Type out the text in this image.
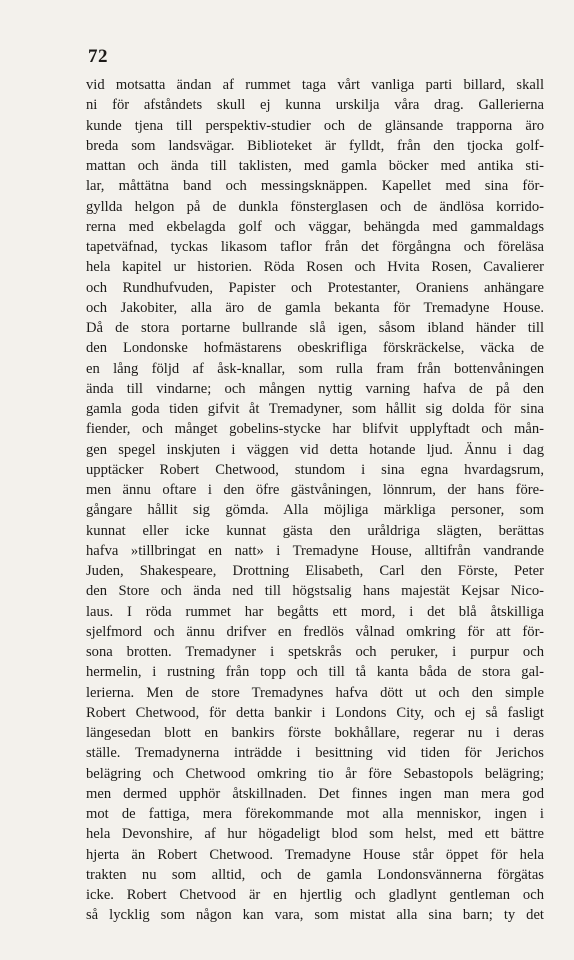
72
vid motsatta ändan af rummet taga vårt vanliga parti billard, skall
ni för afståndets skull ej kunna urskilja våra drag. Gallerierna
kunde tjena till perspektiv-studier och de glänsande trapporna äro
breda som landsvägar. Biblioteket är fylldt, från den tjocka golf-
mattan och ända till taklisten, med gamla böcker med antika sti-
lar, måttätna band och messingsknäppen. Kapellet med sina för-
gyllda helgon på de dunkla fönsterglasen och de ändlösa korrido-
rerna med ekbelagda golf och väggar, behängda med gammaldags
tapetväfnad, tyckas likasom taflor från det förgångna och föreläsa
hela kapitel ur historien. Röda Rosen och Hvita Rosen, Cavalierer
och Rundhufvuden, Papister och Protestanter, Oraniens anhängare
och Jakobiter, alla äro de gamla bekanta för Tremadyne House.
Då de stora portarne bullrande slå igen, såsom ibland händer till
den Londonske hofmästarens obeskrifliga förskräckelse, väcka de
en lång följd af åsk-knallar, som rulla fram från bottenvåningen
ända till vindarne; och mången nyttig varning hafva de på den
gamla goda tiden gifvit åt Tremadyner, som hållit sig dolda för sina
fiender, och månget gobelins-stycke har blifvit upplyftadt och mån-
gen spegel inskjuten i väggen vid detta hotande ljud. Ännu i dag
upptäcker Robert Chetwood, stundom i sina egna hvardagsrum,
men ännu oftare i den öfre gästvåningen, lönnrum, der hans före-
gångare hållit sig gömda. Alla möjliga märkliga personer, som
kunnat eller icke kunnat gästa den uråldriga slägten, berättas
hafva »tillbringat en natt» i Tremadyne House, alltifrån vandrande
Juden, Shakespeare, Drottning Elisabeth, Carl den Förste, Peter
den Store och ända ned till högstsalig hans majestät Kejsar Nico-
laus. I röda rummet har begåtts ett mord, i det blå åtskilliga
sjelfmord och ännu drifver en fredlös vålnad omkring för att för-
sona brotten. Tremadyner i spetskrås och peruker, i purpur och
hermelin, i rustning från topp och till tå kanta båda de stora gal-
lerierna. Men de store Tremadynes hafva dött ut och den simple
Robert Chetwood, för detta bankir i Londons City, och ej så fasligt
längesedan blott en bankirs förste bokhållare, regerar nu i deras
ställe. Tremadynerna inträdde i besittning vid tiden för Jerichos
belägring och Chetwood omkring tio år före Sebastopols belägring;
men dermed upphör åtskillnaden. Det finnes ingen man mera god
mot de fattiga, mera förekommande mot alla menniskor, ingen i
hela Devonshire, af hur högadeligt blod som helst, med ett bättre
hjerta än Robert Chetwood. Tremadyne House står öppet för hela
trakten nu som alltid, och de gamla Londonsvännerna förgätas
icke. Robert Chetvood är en hjertlig och gladlynt gentleman och
så lycklig som någon kan vara, som mistat alla sina barn; ty det
